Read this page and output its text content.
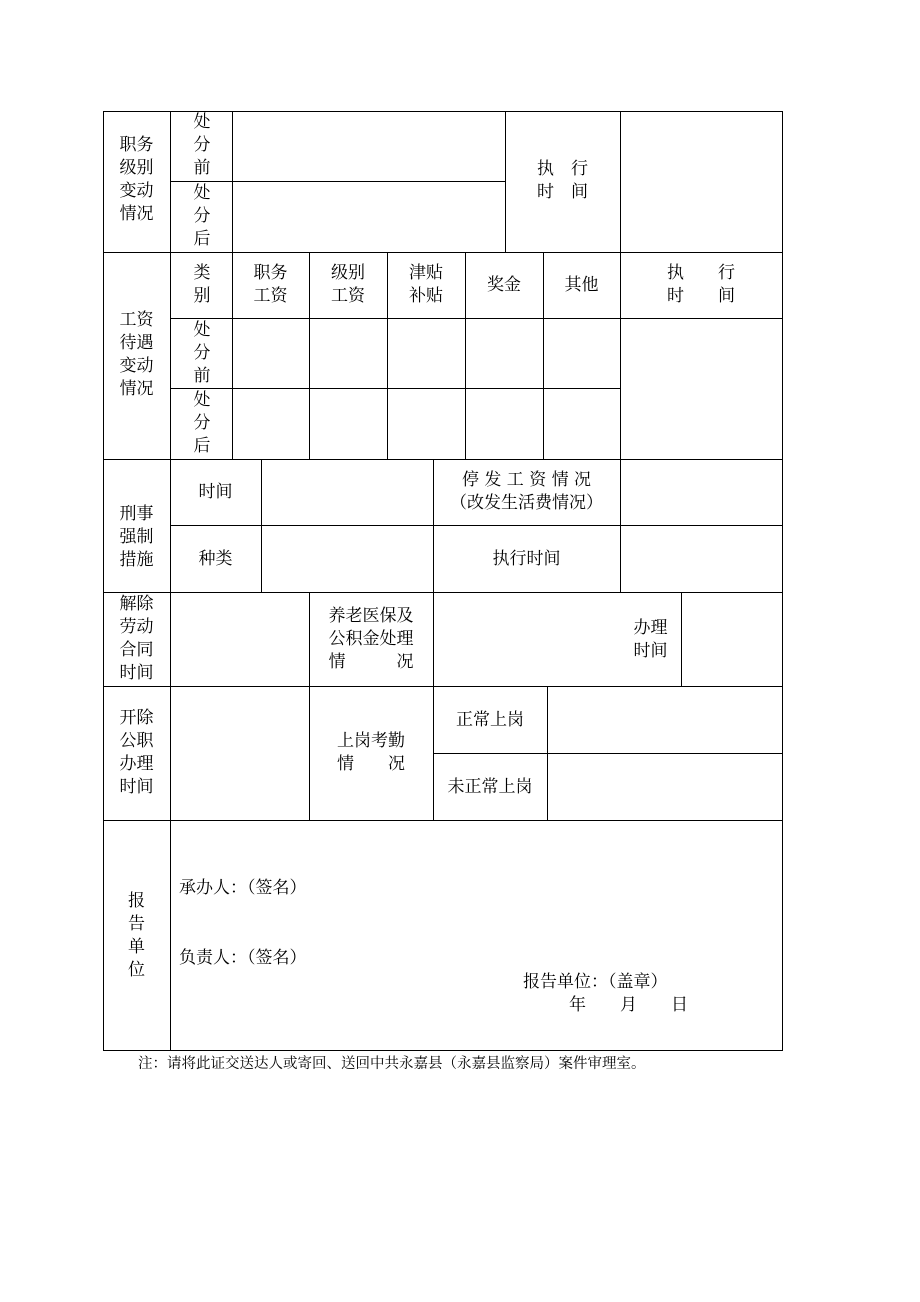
职务
级别
变动
情况
处
分
前
处
分
后
执　行
时　间
工资
待遇
变动
情况
类
别
职务
工资
级别
工资
津贴
补贴
奖金	其他
执　　行
时　　间
处
分
前
处
分
后
刑事
强制
措施
时间
种类
停 发 工 资 情 况
（改发生活费情况）
执行时间
解除
劳动
合同
时间
养老医保及
公积金处理
情　　　况
办理
时间
开除
公职
办理
时间
上岗考勤
情　　况
正常上岗
未正常上岗
报
告
单
位
承办人：（签名）
负责人：（签名）
报告单位：（盖章）
年　　月　　日
注：请将此证交送达人或寄回、送回中共永嘉县（永嘉县监察局）案件审理室。
